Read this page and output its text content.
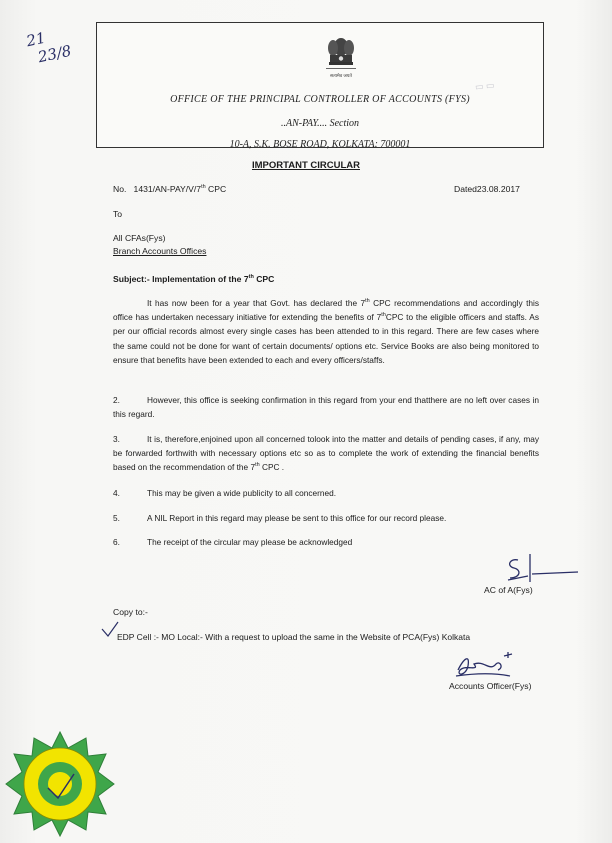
21
23/8
सत्यमेव जयते
▭ ▭
OFFICE OF THE PRINCIPAL CONTROLLER OF ACCOUNTS (FYS)
..AN-PAY.... Section
10-A, S.K. BOSE ROAD, KOLKATA: 700001
IMPORTANT CIRCULAR
No. 1431/AN-PAY/V/7th CPC	Dated23.08.2017
To
All CFAs(Fys)
Branch Accounts Offices
Subject:- Implementation of the 7th CPC
It has now been for a year that Govt. has declared the 7th CPC recommendations and accordingly this office has undertaken necessary initiative for extending the benefits of 7thCPC to the eligible officers and staffs. As per our official records almost every single cases has been attended to in this regard. There are few cases where the same could not be done for want of certain documents/ options etc. Service Books are also being monitored to ensure that benefits have been extended to each and every officers/staffs.
2.	However, this office is seeking confirmation in this regard from your end thatthere are no left over cases in this regard.
3.	It is, therefore,enjoined upon all concerned tolook into the matter and details of pending cases, if any, may be forwarded forthwith with necessary options etc so as to complete the work of extending the financial benefits based on the recommendation of the 7th CPC .
4.	This may be given a wide publicity to all concerned.
5.	A NIL Report in this regard may please be sent to this office for our record please.
6.	The receipt of the circular may please be acknowledged
AC of A(Fys)
Copy to:-
EDP Cell :- MO Local:- With a request to upload the same in the Website of PCA(Fys) Kolkata
Accounts Officer(Fys)
